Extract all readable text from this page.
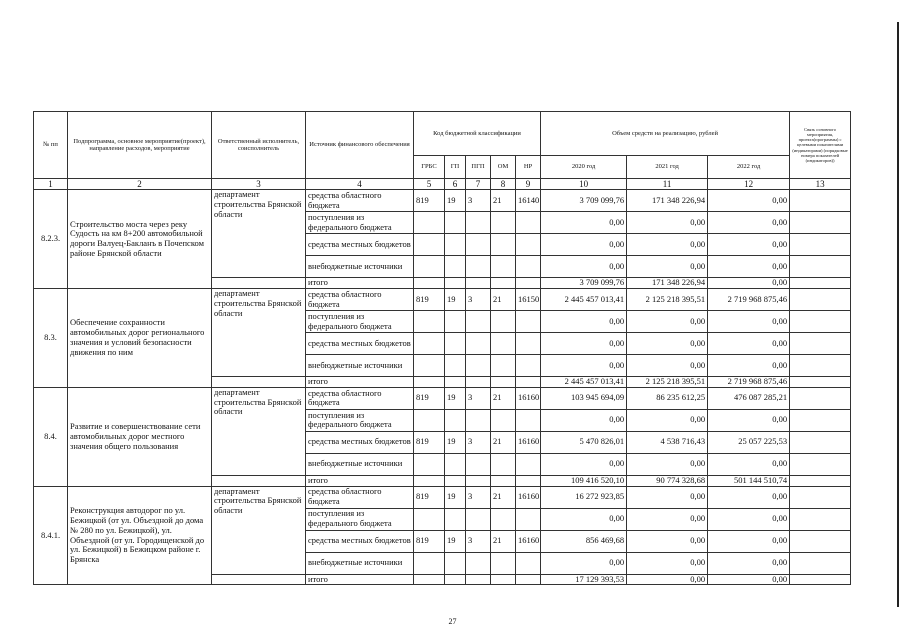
№ пп	Подпрограмма, основное мероприятие(проект), направление расходов, мероприятие	Ответственный исполнитель, соисполнитель	Источник финансового обеспечения	Код бюджетной классификации					Объем средств на реализацию, рублей			Связь основного мероприятия, проекта(программы) с целевыми показателями (индикаторами) (порядковые номера показателей (индикаторов))
				ГРБС	ГП	ПГП	ОМ	НР	2020 год	2021 год	2022 год	
1	2	3	4	5	6	7	8	9	10	11	12	13
8.2.3.	Строительство моста через реку Судость на км 8+200 автомобильной дороги Валуец-Бакланъ в Почепском районе Брянской области	департамент строительства Брянской области	средства областного бюджета	819	19	3	21	16140	3 709 099,76	171 348 226,94	0,00	
			поступления из федерального бюджета						0,00	0,00	0,00	
			средства местных бюджетов						0,00	0,00	0,00	
			внебюджетные источники						0,00	0,00	0,00	
			итого						3 709 099,76	171 348 226,94	0,00	
8.3.	Обеспечение сохранности автомобильных дорог регионального значения и условий безопасности движения по ним	департамент строительства Брянской области	средства областного бюджета	819	19	3	21	16150	2 445 457 013,41	2 125 218 395,51	2 719 968 875,46	
			поступления из федерального бюджета						0,00	0,00	0,00	
			средства местных бюджетов						0,00	0,00	0,00	
			внебюджетные источники						0,00	0,00	0,00	
			итого						2 445 457 013,41	2 125 218 395,51	2 719 968 875,46	
8.4.	Развитие и совершенствование сети автомобильных дорог местного значения общего пользования	департамент строительства Брянской области	средства областного бюджета	819	19	3	21	16160	103 945 694,09	86 235 612,25	476 087 285,21	
			поступления из федерального бюджета						0,00	0,00	0,00	
			средства местных бюджетов	819	19	3	21	16160	5 470 826,01	4 538 716,43	25 057 225,53	
			внебюджетные источники						0,00	0,00	0,00	
			итого						109 416 520,10	90 774 328,68	501 144 510,74	
8.4.1.	Реконструкция автодорог по ул. Бежицкой (от ул. Объездной до дома № 280 по ул. Бежицкой), ул. Объездной (от ул. Городищенской до ул. Бежицкой) в Бежицком районе г. Брянска	департамент строительства Брянской области	средства областного бюджета	819	19	3	21	16160	16 272 923,85	0,00	0,00	
			поступления из федерального бюджета						0,00	0,00	0,00	
			средства местных бюджетов	819	19	3	21	16160	856 469,68	0,00	0,00	
			внебюджетные источники						0,00	0,00	0,00	
			итого						17 129 393,53	0,00	0,00	
27
